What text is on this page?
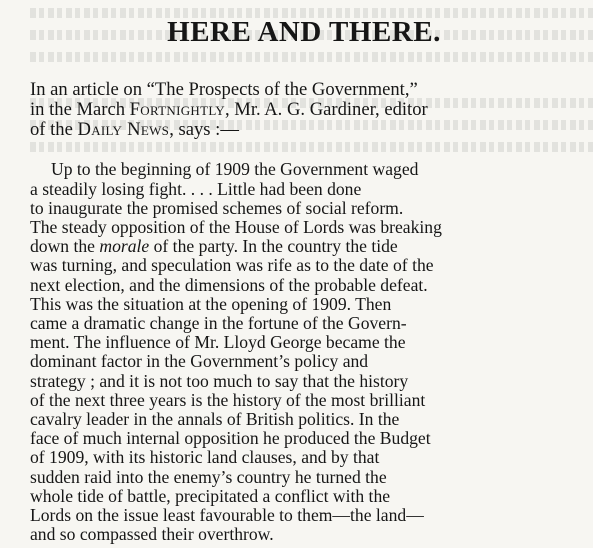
HERE AND THERE.
In an article on “The Prospects of the Government,”
in the March Fortnightly, Mr. A. G. Gardiner, editor
of the Daily News, says :—
Up to the beginning of 1909 the Government waged
a steadily losing fight. . . . Little had been done
to inaugurate the promised schemes of social reform.
The steady opposition of the House of Lords was breaking
down the morale of the party. In the country the tide
was turning, and speculation was rife as to the date of the
next election, and the dimensions of the probable defeat.
This was the situation at the opening of 1909. Then
came a dramatic change in the fortune of the Govern-
ment. The influence of Mr. Lloyd George became the
dominant factor in the Government’s policy and
strategy ; and it is not too much to say that the history
of the next three years is the history of the most brilliant
cavalry leader in the annals of British politics. In the
face of much internal opposition he produced the Budget
of 1909, with its historic land clauses, and by that
sudden raid into the enemy’s country he turned the
whole tide of battle, precipitated a conflict with the
Lords on the issue least favourable to them—the land—
and so compassed their overthrow.
